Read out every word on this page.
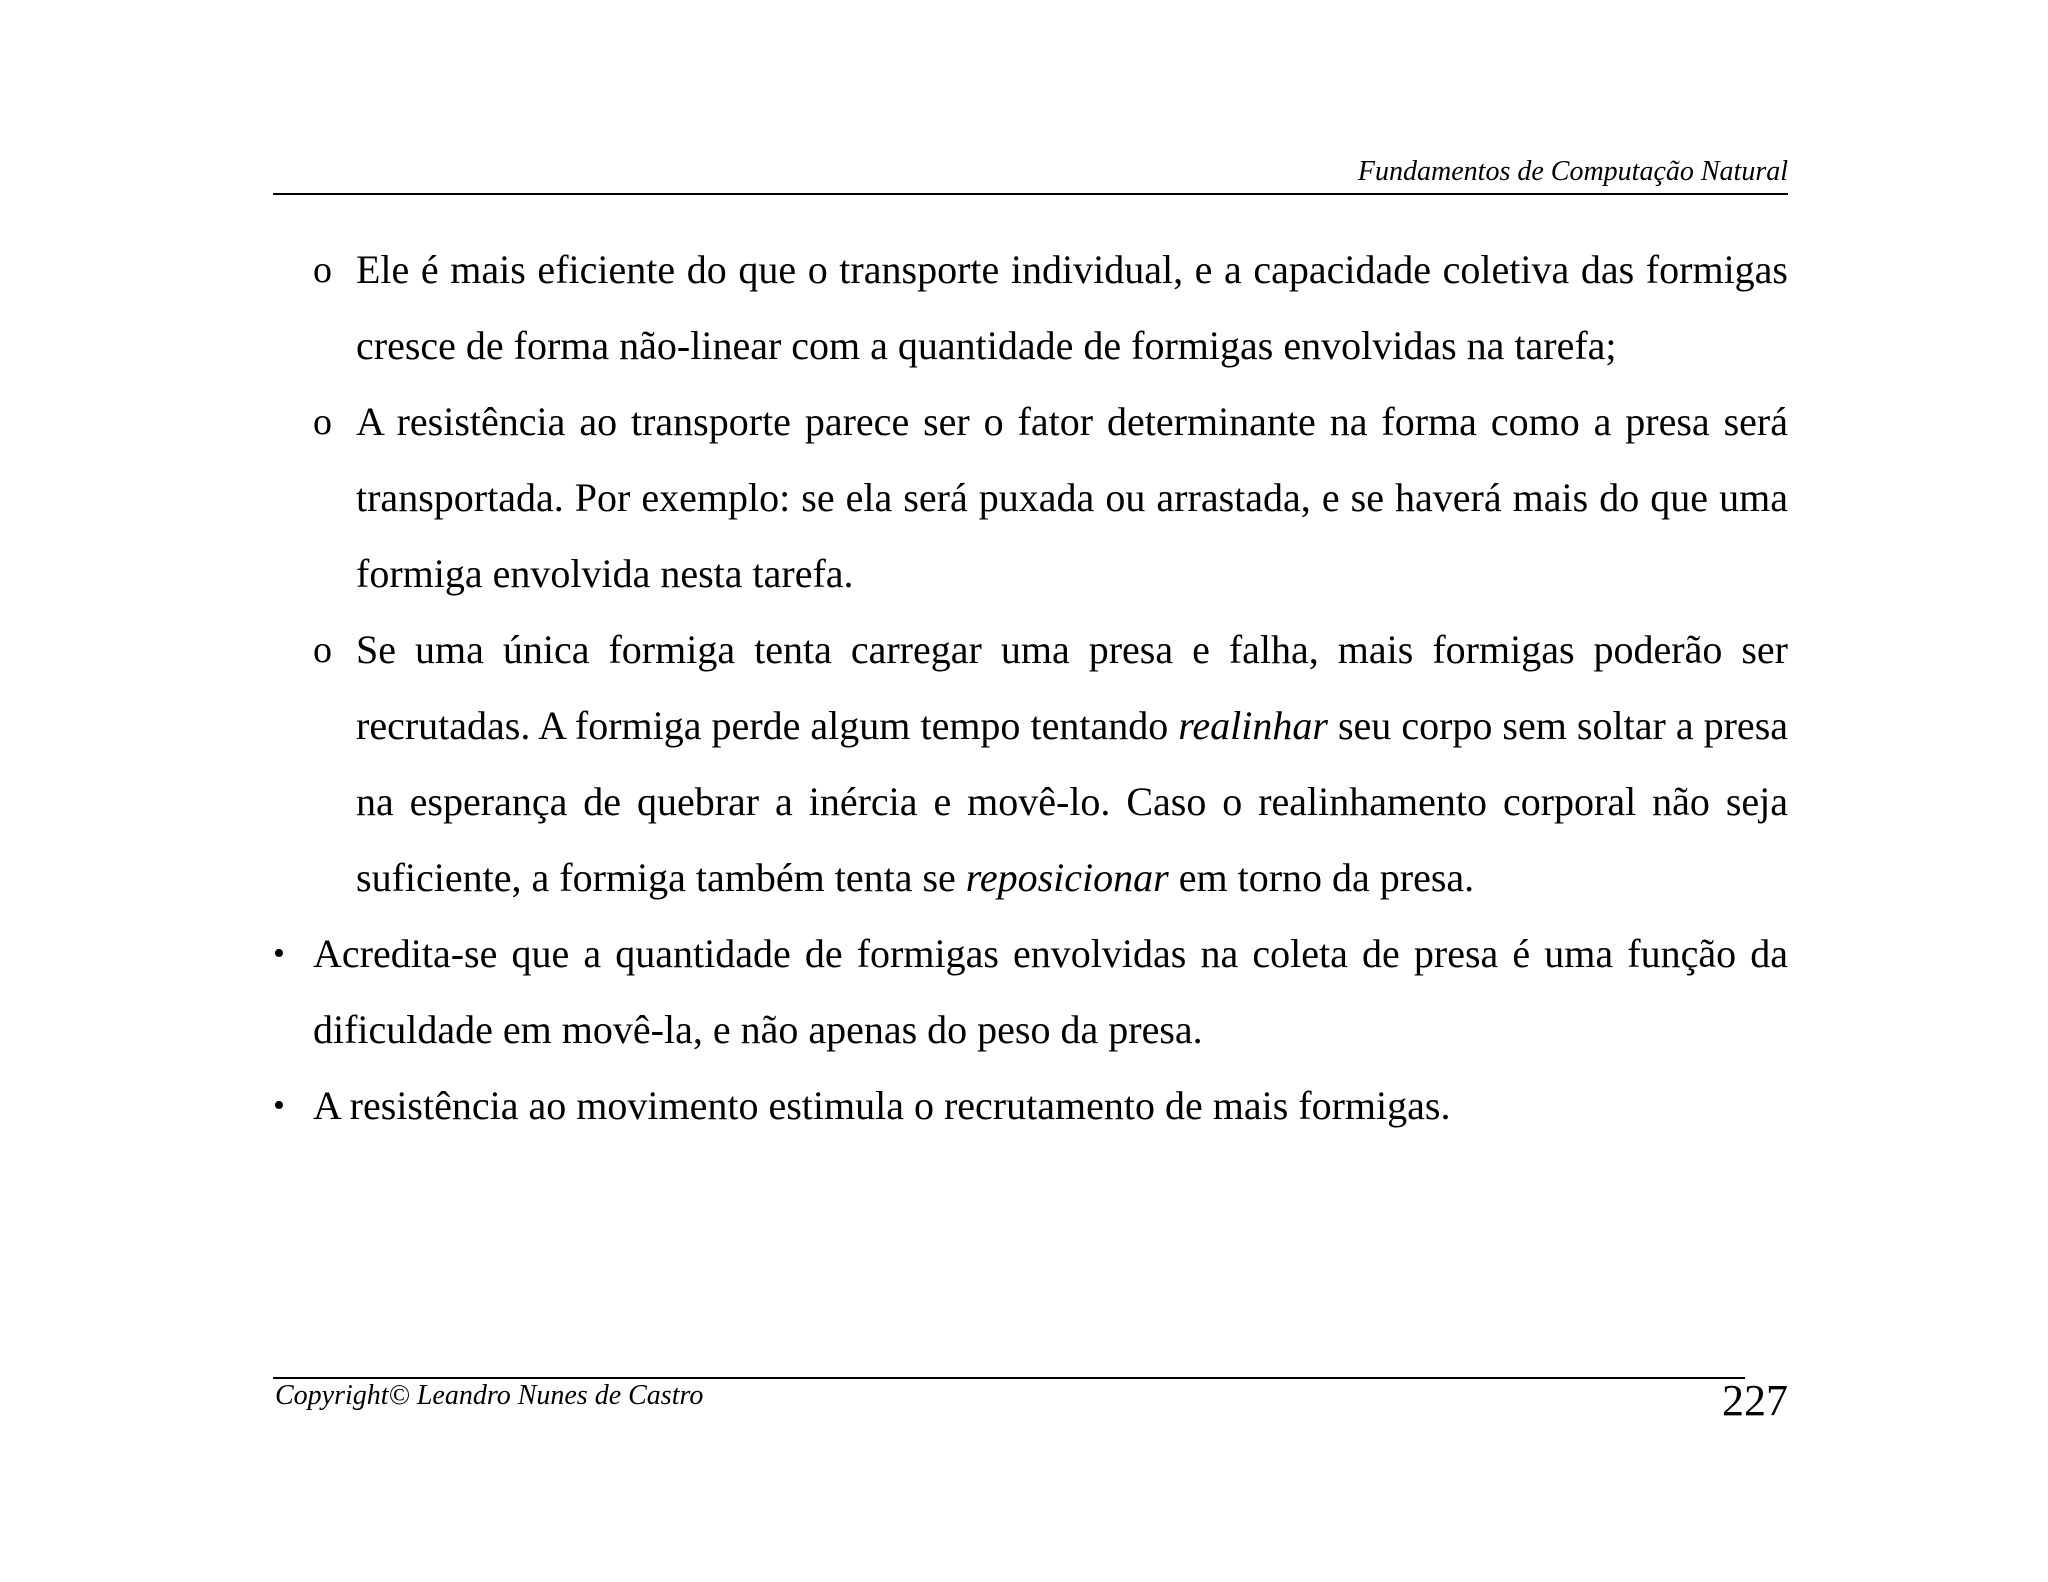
Fundamentos de Computação Natural
o Ele é mais eficiente do que o transporte individual, e a capacidade coletiva das formigas cresce de forma não-linear com a quantidade de formigas envolvidas na tarefa;
o A resistência ao transporte parece ser o fator determinante na forma como a presa será transportada. Por exemplo: se ela será puxada ou arrastada, e se haverá mais do que uma formiga envolvida nesta tarefa.
o Se uma única formiga tenta carregar uma presa e falha, mais formigas poderão ser recrutadas. A formiga perde algum tempo tentando realinhar seu corpo sem soltar a presa na esperança de quebrar a inércia e movê-lo. Caso o realinhamento corporal não seja suficiente, a formiga também tenta se reposicionar em torno da presa.
• Acredita-se que a quantidade de formigas envolvidas na coleta de presa é uma função da dificuldade em movê-la, e não apenas do peso da presa.
• A resistência ao movimento estimula o recrutamento de mais formigas.
Copyright© Leandro Nunes de Castro	227
